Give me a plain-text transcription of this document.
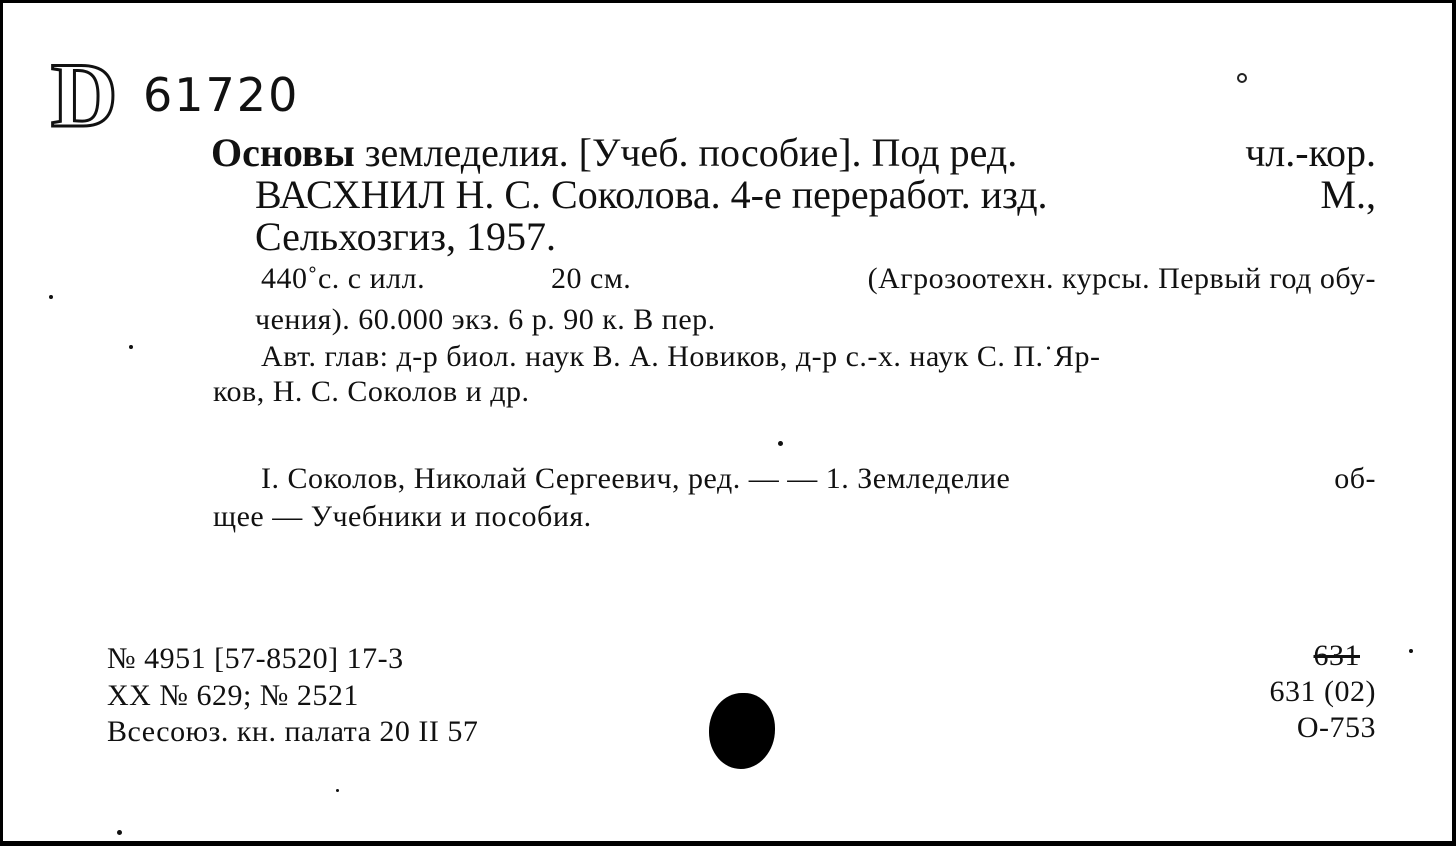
D 61720
Основы земледелия. [Учеб. пособие]. Под ред.	чл.-кор.
ВАСХНИЛ Н. С. Соколова. 4-е переработ. изд.	М.,
Сельхозгиз, 1957.
440˚с. с илл.	20 см.	(Агрозоотехн. курсы. Первый год обу-
чения). 60.000 экз. 6 р. 90 к. В пер.
Авт. глав: д-р биол. наук В. А. Новиков, д-р с.-х. наук С. П.˙Яр-
ков, Н. С. Соколов и др.
I. Соколов, Николай Сергеевич, ред. — — 1. Земледелие	об-
щее — Учебники и пособия.
№ 4951 [57-8520] 17-3
XX № 629; № 2521
Всесоюз. кн. палата 20 II 57
631
631 (02)
О-753
